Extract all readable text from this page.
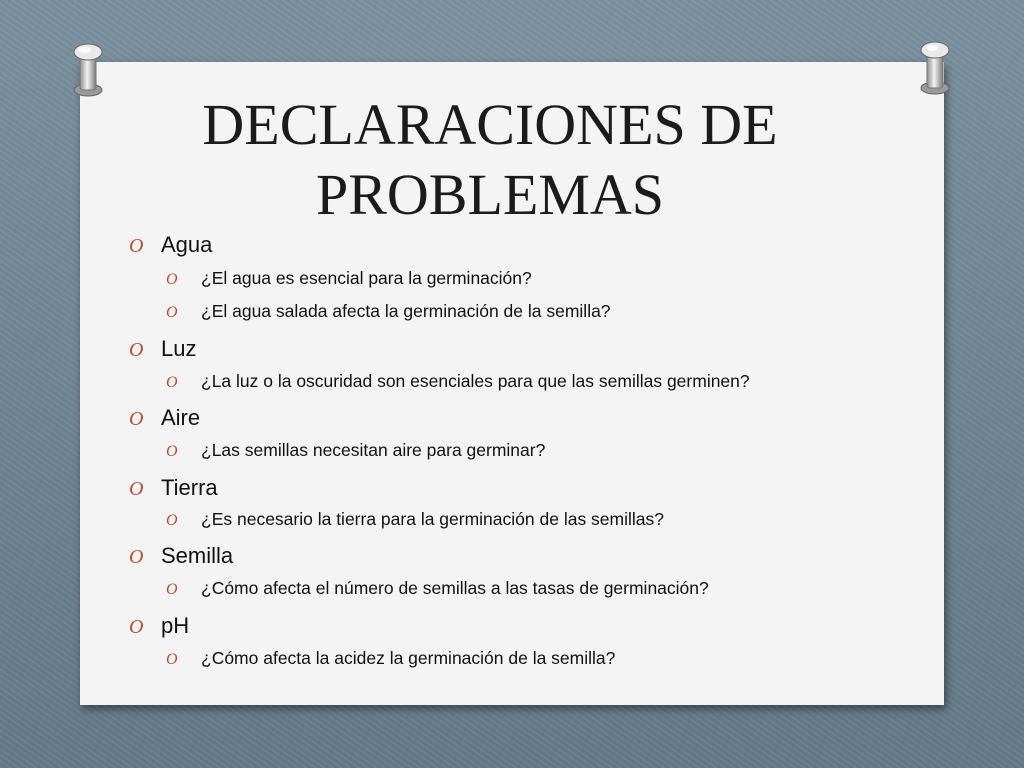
DECLARACIONES DE
PROBLEMAS
O Agua
O	¿El agua es esencial para la germinación?
O	¿El agua salada afecta la germinación de la semilla?
O Luz
O	¿La luz o la oscuridad son esenciales para que las semillas germinen?
O Aire
O	¿Las semillas necesitan aire para germinar?
O Tierra
O	¿Es necesario la tierra para la germinación de las semillas?
O Semilla
O	¿Cómo afecta el número de semillas a las tasas de germinación?
O pH
O	¿Cómo afecta la acidez la germinación de la semilla?
